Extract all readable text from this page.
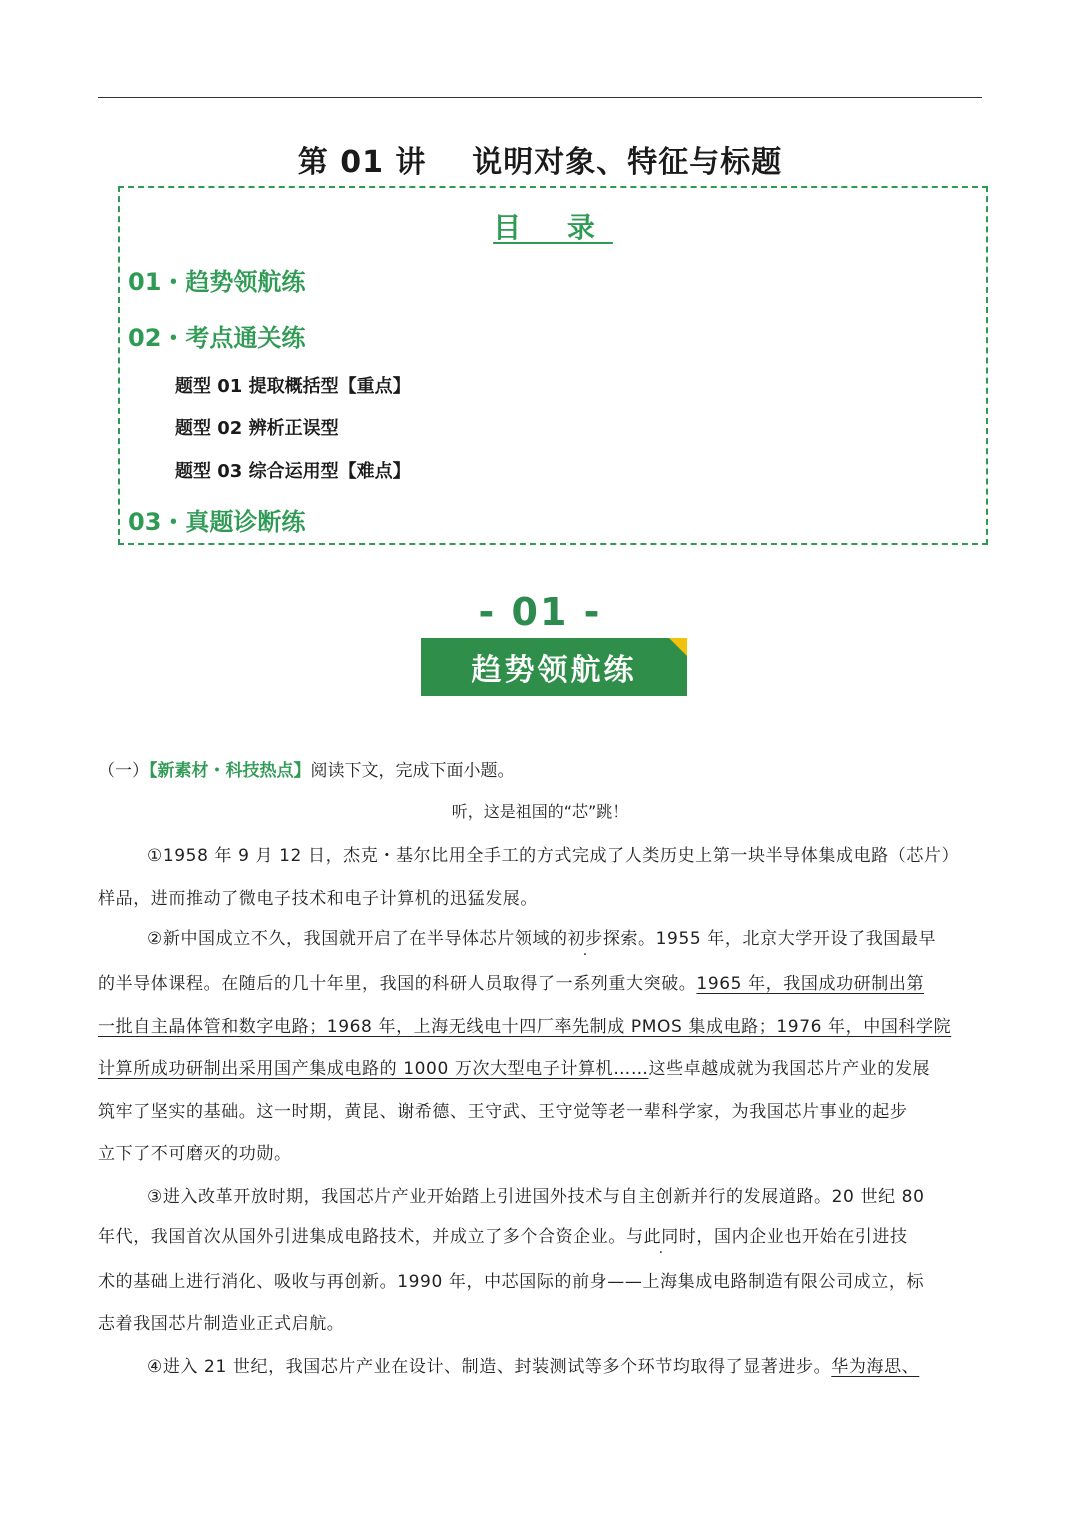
第 01 讲    说明对象、特征与标题
目 录
01・趋势领航练
02・考点通关练
题型 01 提取概括型【重点】
题型 02 辨析正误型
题型 03 综合运用型【难点】
03・真题诊断练
- 01 -
趋势领航练
（一）【新素材・科技热点】阅读下文，完成下面小题。
听，这是祖国的“芯”跳！
①1958 年 9 月 12 日，杰克・基尔比用全手工的方式完成了人类历史上第一块半导体集成电路（芯片）
样品，进而推动了微电子技术和电子计算机的迅猛发展。
②新中国成立不久，我国就开启了在半导体芯片领域的初步探索。1955 年，北京大学开设了我国最早
的半导体课程。在随后的几十年里，我国的科研人员取得了一系列重大突破。1965 年，我国成功研制出第
一批自主晶体管和数字电路；1968 年，上海无线电十四厂率先制成 PMOS 集成电路；1976 年，中国科学院
计算所成功研制出采用国产集成电路的 1000 万次大型电子计算机……这些卓越成就为我国芯片产业的发展
筑牢了坚实的基础。这一时期，黄昆、谢希德、王守武、王守觉等老一辈科学家，为我国芯片事业的起步
立下了不可磨灭的功勋。
③进入改革开放时期，我国芯片产业开始踏上引进国外技术与自主创新并行的发展道路。20 世纪 80
年代，我国首次从国外引进集成电路技术，并成立了多个合资企业。与此同时，国内企业也开始在引进技
术的基础上进行消化、吸收与再创新。1990 年，中芯国际的前身——上海集成电路制造有限公司成立，标
志着我国芯片制造业正式启航。
④进入 21 世纪，我国芯片产业在设计、制造、封装测试等多个环节均取得了显著进步。华为海思、
